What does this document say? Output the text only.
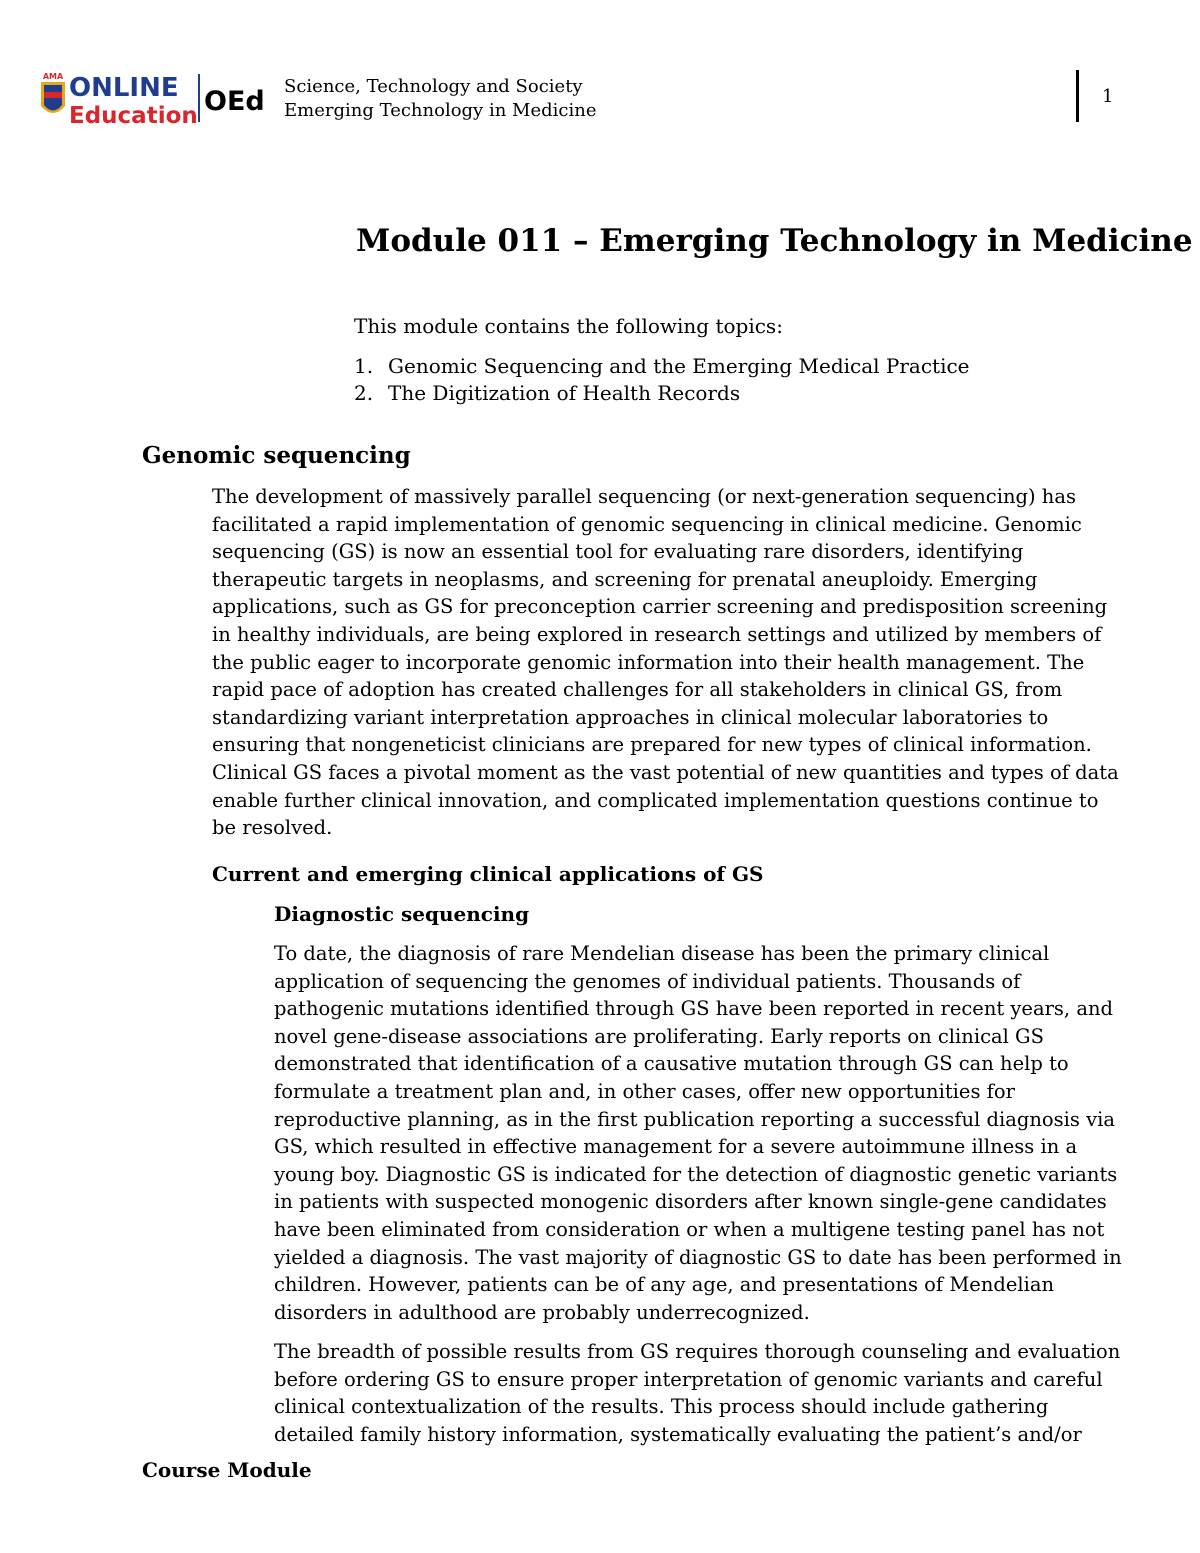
AMA ONLINE
Education OEd Science, Technology and Society
Emerging Technology in Medicine
1
Module 011 – Emerging Technology in Medicine
This module contains the following topics:
1. Genomic Sequencing and the Emerging Medical Practice
2. The Digitization of Health Records
Genomic sequencing

The development of massively parallel sequencing (or next-generation sequencing) has
facilitated a rapid implementation of genomic sequencing in clinical medicine. Genomic
sequencing (GS) is now an essential tool for evaluating rare disorders, identifying
therapeutic targets in neoplasms, and screening for prenatal aneuploidy. Emerging
applications, such as GS for preconception carrier screening and predisposition screening
in healthy individuals, are being explored in research settings and utilized by members of
the public eager to incorporate genomic information into their health management. The
rapid pace of adoption has created challenges for all stakeholders in clinical GS, from
standardizing variant interpretation approaches in clinical molecular laboratories to
ensuring that nongeneticist clinicians are prepared for new types of clinical information.
Clinical GS faces a pivotal moment as the vast potential of new quantities and types of data
enable further clinical innovation, and complicated implementation questions continue to
be resolved.

Current and emerging clinical applications of GS
Diagnostic sequencing

To date, the diagnosis of rare Mendelian disease has been the primary clinical
application of sequencing the genomes of individual patients. Thousands of
pathogenic mutations identified through GS have been reported in recent years, and
novel gene-disease associations are proliferating. Early reports on clinical GS
demonstrated that identification of a causative mutation through GS can help to
formulate a treatment plan and, in other cases, offer new opportunities for
reproductive planning, as in the first publication reporting a successful diagnosis via
GS, which resulted in effective management for a severe autoimmune illness in a
young boy. Diagnostic GS is indicated for the detection of diagnostic genetic variants
in patients with suspected monogenic disorders after known single-gene candidates
have been eliminated from consideration or when a multigene testing panel has not
yielded a diagnosis. The vast majority of diagnostic GS to date has been performed in
children. However, patients can be of any age, and presentations of Mendelian
disorders in adulthood are probably underrecognized.

The breadth of possible results from GS requires thorough counseling and evaluation
before ordering GS to ensure proper interpretation of genomic variants and careful
clinical contextualization of the results. This process should include gathering
detailed family history information, systematically evaluating the patient’s and/or

Course Module
